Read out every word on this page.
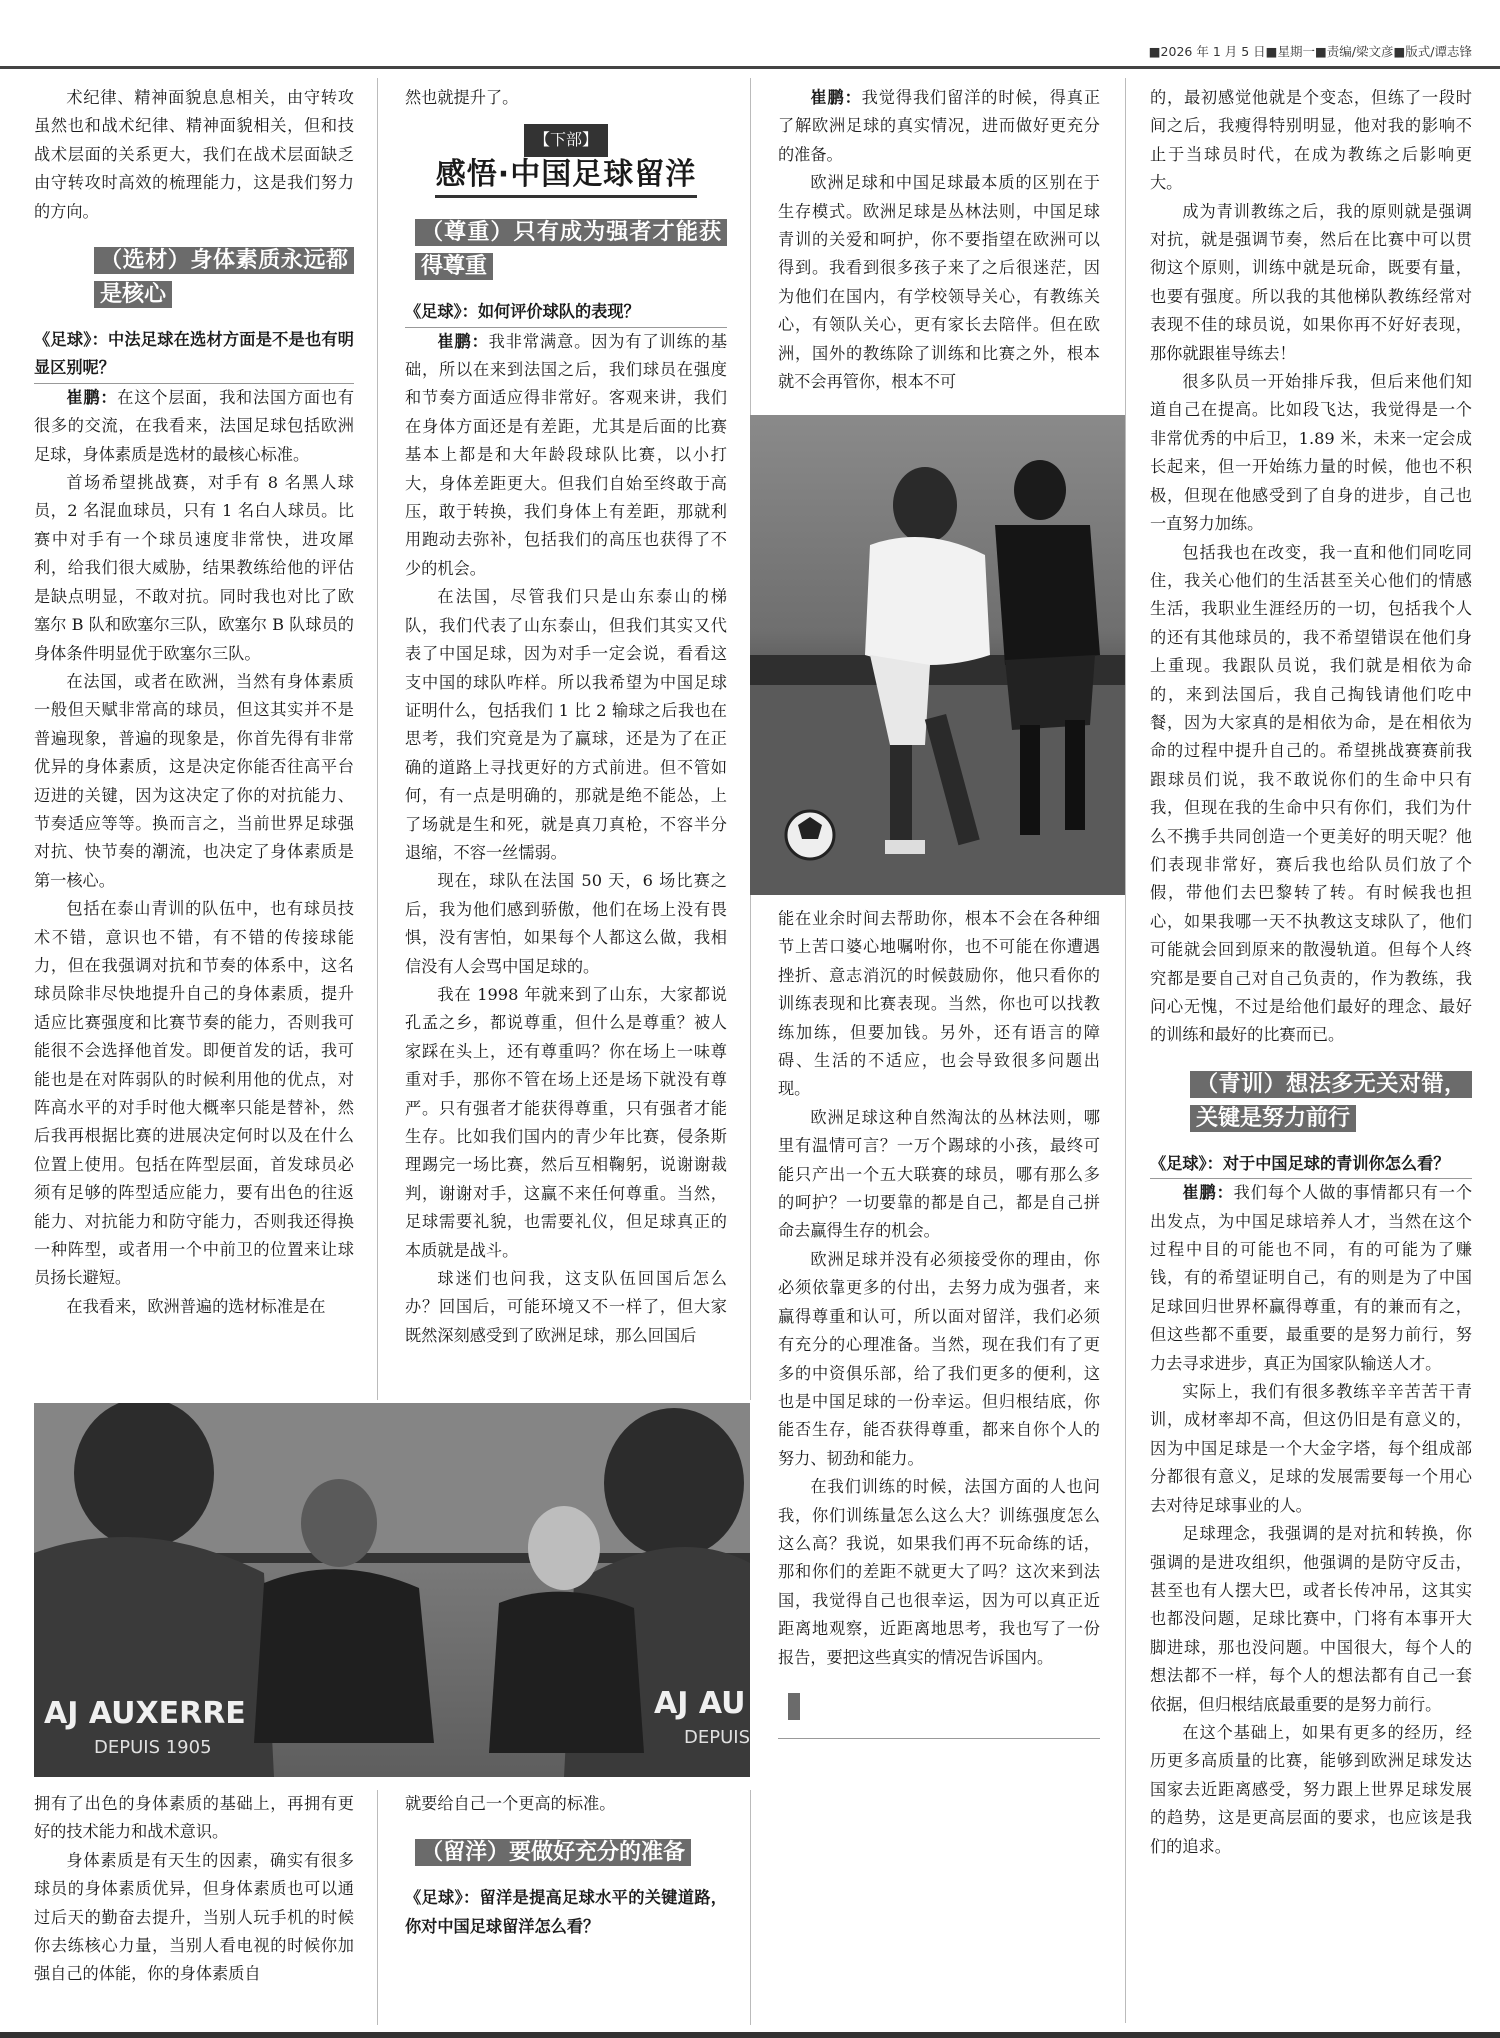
■2026 年 1 月 5 日■星期一■责编/梁文彦■版式/谭志锋

术纪律、精神面貌息息相关，由守转攻虽然也和战术纪律、精神面貌相关，但和技战术层面的关系更大，我们在战术层面缺乏由守转攻时高效的梳理能力，这是我们努力的方向。

（选材）身体素质永远都是核心

《足球》：中法足球在选材方面是不是也有明显区别呢？

崔鹏：在这个层面，我和法国方面也有很多的交流，在我看来，法国足球包括欧洲足球，身体素质是选材的最核心标准。

首场希望挑战赛，对手有 8 名黑人球员，2 名混血球员，只有 1 名白人球员。比赛中对手有一个球员速度非常快，进攻犀利，给我们很大威胁，结果教练给他的评估是缺点明显，不敢对抗。同时我也对比了欧塞尔 B 队和欧塞尔三队，欧塞尔 B 队球员的身体条件明显优于欧塞尔三队。

在法国，或者在欧洲，当然有身体素质一般但天赋非常高的球员，但这其实并不是普遍现象，普遍的现象是，你首先得有非常优异的身体素质，这是决定你能否往高平台迈进的关键，因为这决定了你的对抗能力、节奏适应等等。换而言之，当前世界足球强对抗、快节奏的潮流，也决定了身体素质是第一核心。

包括在泰山青训的队伍中，也有球员技术不错，意识也不错，有不错的传接球能力，但在我强调对抗和节奏的体系中，这名球员除非尽快地提升自己的身体素质，提升适应比赛强度和比赛节奏的能力，否则我可能很不会选择他首发。即便首发的话，我可能也是在对阵弱队的时候利用他的优点，对阵高水平的对手时他大概率只能是替补，然后我再根据比赛的进展决定何时以及在什么位置上使用。包括在阵型层面，首发球员必须有足够的阵型适应能力，要有出色的往返能力、对抗能力和防守能力，否则我还得换一种阵型，或者用一个中前卫的位置来让球员扬长避短。

在我看来，欧洲普遍的选材标准是在

然也就提升了。

【下部】
感悟·中国足球留洋
（尊重）只有成为强者才能获得尊重

《足球》：如何评价球队的表现？

崔鹏：我非常满意。因为有了训练的基础，所以在来到法国之后，我们球员在强度和节奏方面适应得非常好。客观来讲，我们在身体方面还是有差距，尤其是后面的比赛基本上都是和大年龄段球队比赛，以小打大，身体差距更大。但我们自始至终敢于高压，敢于转换，我们身体上有差距，那就利用跑动去弥补，包括我们的高压也获得了不少的机会。

在法国，尽管我们只是山东泰山的梯队，我们代表了山东泰山，但我们其实又代表了中国足球，因为对手一定会说，看看这支中国的球队咋样。所以我希望为中国足球证明什么，包括我们 1 比 2 输球之后我也在思考，我们究竟是为了赢球，还是为了在正确的道路上寻找更好的方式前进。但不管如何，有一点是明确的，那就是绝不能怂，上了场就是生和死，就是真刀真枪，不容半分退缩，不容一丝懦弱。

现在，球队在法国 50 天，6 场比赛之后，我为他们感到骄傲，他们在场上没有畏惧，没有害怕，如果每个人都这么做，我相信没有人会骂中国足球的。

我在 1998 年就来到了山东，大家都说孔孟之乡，都说尊重，但什么是尊重？被人家踩在头上，还有尊重吗？你在场上一味尊重对手，那你不管在场上还是场下就没有尊严。只有强者才能获得尊重，只有强者才能生存。比如我们国内的青少年比赛，侵条斯理踢完一场比赛，然后互相鞠躬，说谢谢裁判，谢谢对手，这赢不来任何尊重。当然，足球需要礼貌，也需要礼仪，但足球真正的本质就是战斗。

球迷们也问我，这支队伍回国后怎么办？回国后，可能环境又不一样了，但大家既然深刻感受到了欧洲足球，那么回国后

崔鹏：我觉得我们留洋的时候，得真正了解欧洲足球的真实情况，进而做好更充分的准备。

欧洲足球和中国足球最本质的区别在于生存模式。欧洲足球是丛林法则，中国足球青训的关爱和呵护，你不要指望在欧洲可以得到。我看到很多孩子来了之后很迷茫，因为他们在国内，有学校领导关心，有教练关心，有领队关心，更有家长去陪伴。但在欧洲，国外的教练除了训练和比赛之外，根本就不会再管你，根本不可

能在业余时间去帮助你，根本不会在各种细节上苦口婆心地嘱咐你，也不可能在你遭遇挫折、意志消沉的时候鼓励你，他只看你的训练表现和比赛表现。当然，你也可以找教练加练，但要加钱。另外，还有语言的障碍、生活的不适应，也会导致很多问题出现。

欧洲足球这种自然淘汰的丛林法则，哪里有温情可言？一万个踢球的小孩，最终可能只产出一个五大联赛的球员，哪有那么多的呵护？一切要靠的都是自己，都是自己拼命去赢得生存的机会。

欧洲足球并没有必须接受你的理由，你必须依靠更多的付出，去努力成为强者，来赢得尊重和认可，所以面对留洋，我们必须有充分的心理准备。当然，现在我们有了更多的中资俱乐部，给了我们更多的便利，这也是中国足球的一份幸运。但归根结底，你能否生存，能否获得尊重，都来自你个人的努力、韧劲和能力。

在我们训练的时候，法国方面的人也问我，你们训练量怎么这么大？训练强度怎么这么高？我说，如果我们再不玩命练的话，那和你们的差距不就更大了吗？这次来到法国，我觉得自己也很幸运，因为可以真正近距离地观察，近距离地思考，我也写了一份报告，要把这些真实的情况告诉国内。

AJ AUXERRE
DEPUIS 1905
AJ AU
DEPUIS

拥有了出色的身体素质的基础上，再拥有更好的技术能力和战术意识。

身体素质是有天生的因素，确实有很多球员的身体素质优异，但身体素质也可以通过后天的勤奋去提升，当别人玩手机的时候你去练核心力量，当别人看电视的时候你加强自己的体能，你的身体素质自

就要给自己一个更高的标准。

（留洋）要做好充分的准备

《足球》：留洋是提高足球水平的关键道路，你对中国足球留洋怎么看？

的，最初感觉他就是个变态，但练了一段时间之后，我瘦得特别明显，他对我的影响不止于当球员时代，在成为教练之后影响更大。

成为青训教练之后，我的原则就是强调对抗，就是强调节奏，然后在比赛中可以贯彻这个原则，训练中就是玩命，既要有量，也要有强度。所以我的其他梯队教练经常对表现不佳的球员说，如果你再不好好表现，那你就跟崔导练去！

很多队员一开始排斥我，但后来他们知道自己在提高。比如段飞达，我觉得是一个非常优秀的中后卫，1.89 米，未来一定会成长起来，但一开始练力量的时候，他也不积极，但现在他感受到了自身的进步，自己也一直努力加练。

包括我也在改变，我一直和他们同吃同住，我关心他们的生活甚至关心他们的情感生活，我职业生涯经历的一切，包括我个人的还有其他球员的，我不希望错误在他们身上重现。我跟队员说，我们就是相依为命的，来到法国后，我自己掏钱请他们吃中餐，因为大家真的是相依为命，是在相依为命的过程中提升自己的。希望挑战赛赛前我跟球员们说，我不敢说你们的生命中只有我，但现在我的生命中只有你们，我们为什么不携手共同创造一个更美好的明天呢？他们表现非常好，赛后我也给队员们放了个假，带他们去巴黎转了转。有时候我也担心，如果我哪一天不执教这支球队了，他们可能就会回到原来的散漫轨道。但每个人终究都是要自己对自己负责的，作为教练，我问心无愧，不过是给他们最好的理念、最好的训练和最好的比赛而已。

（青训）想法多无关对错，关键是努力前行

《足球》：对于中国足球的青训你怎么看？

崔鹏：我们每个人做的事情都只有一个出发点，为中国足球培养人才，当然在这个过程中目的可能也不同，有的可能为了赚钱，有的希望证明自己，有的则是为了中国足球回归世界杯赢得尊重，有的兼而有之，但这些都不重要，最重要的是努力前行，努力去寻求进步，真正为国家队输送人才。

实际上，我们有很多教练辛辛苦苦干青训，成材率却不高，但这仍旧是有意义的，因为中国足球是一个大金字塔，每个组成部分都很有意义，足球的发展需要每一个用心去对待足球事业的人。

足球理念，我强调的是对抗和转换，你强调的是进攻组织，他强调的是防守反击，甚至也有人摆大巴，或者长传冲吊，这其实也都没问题，足球比赛中，门将有本事开大脚进球，那也没问题。中国很大，每个人的想法都不一样，每个人的想法都有自己一套依据，但归根结底最重要的是努力前行。

在这个基础上，如果有更多的经历，经历更多高质量的比赛，能够到欧洲足球发达国家去近距离感受，努力跟上世界足球发展的趋势，这是更高层面的要求，也应该是我们的追求。
